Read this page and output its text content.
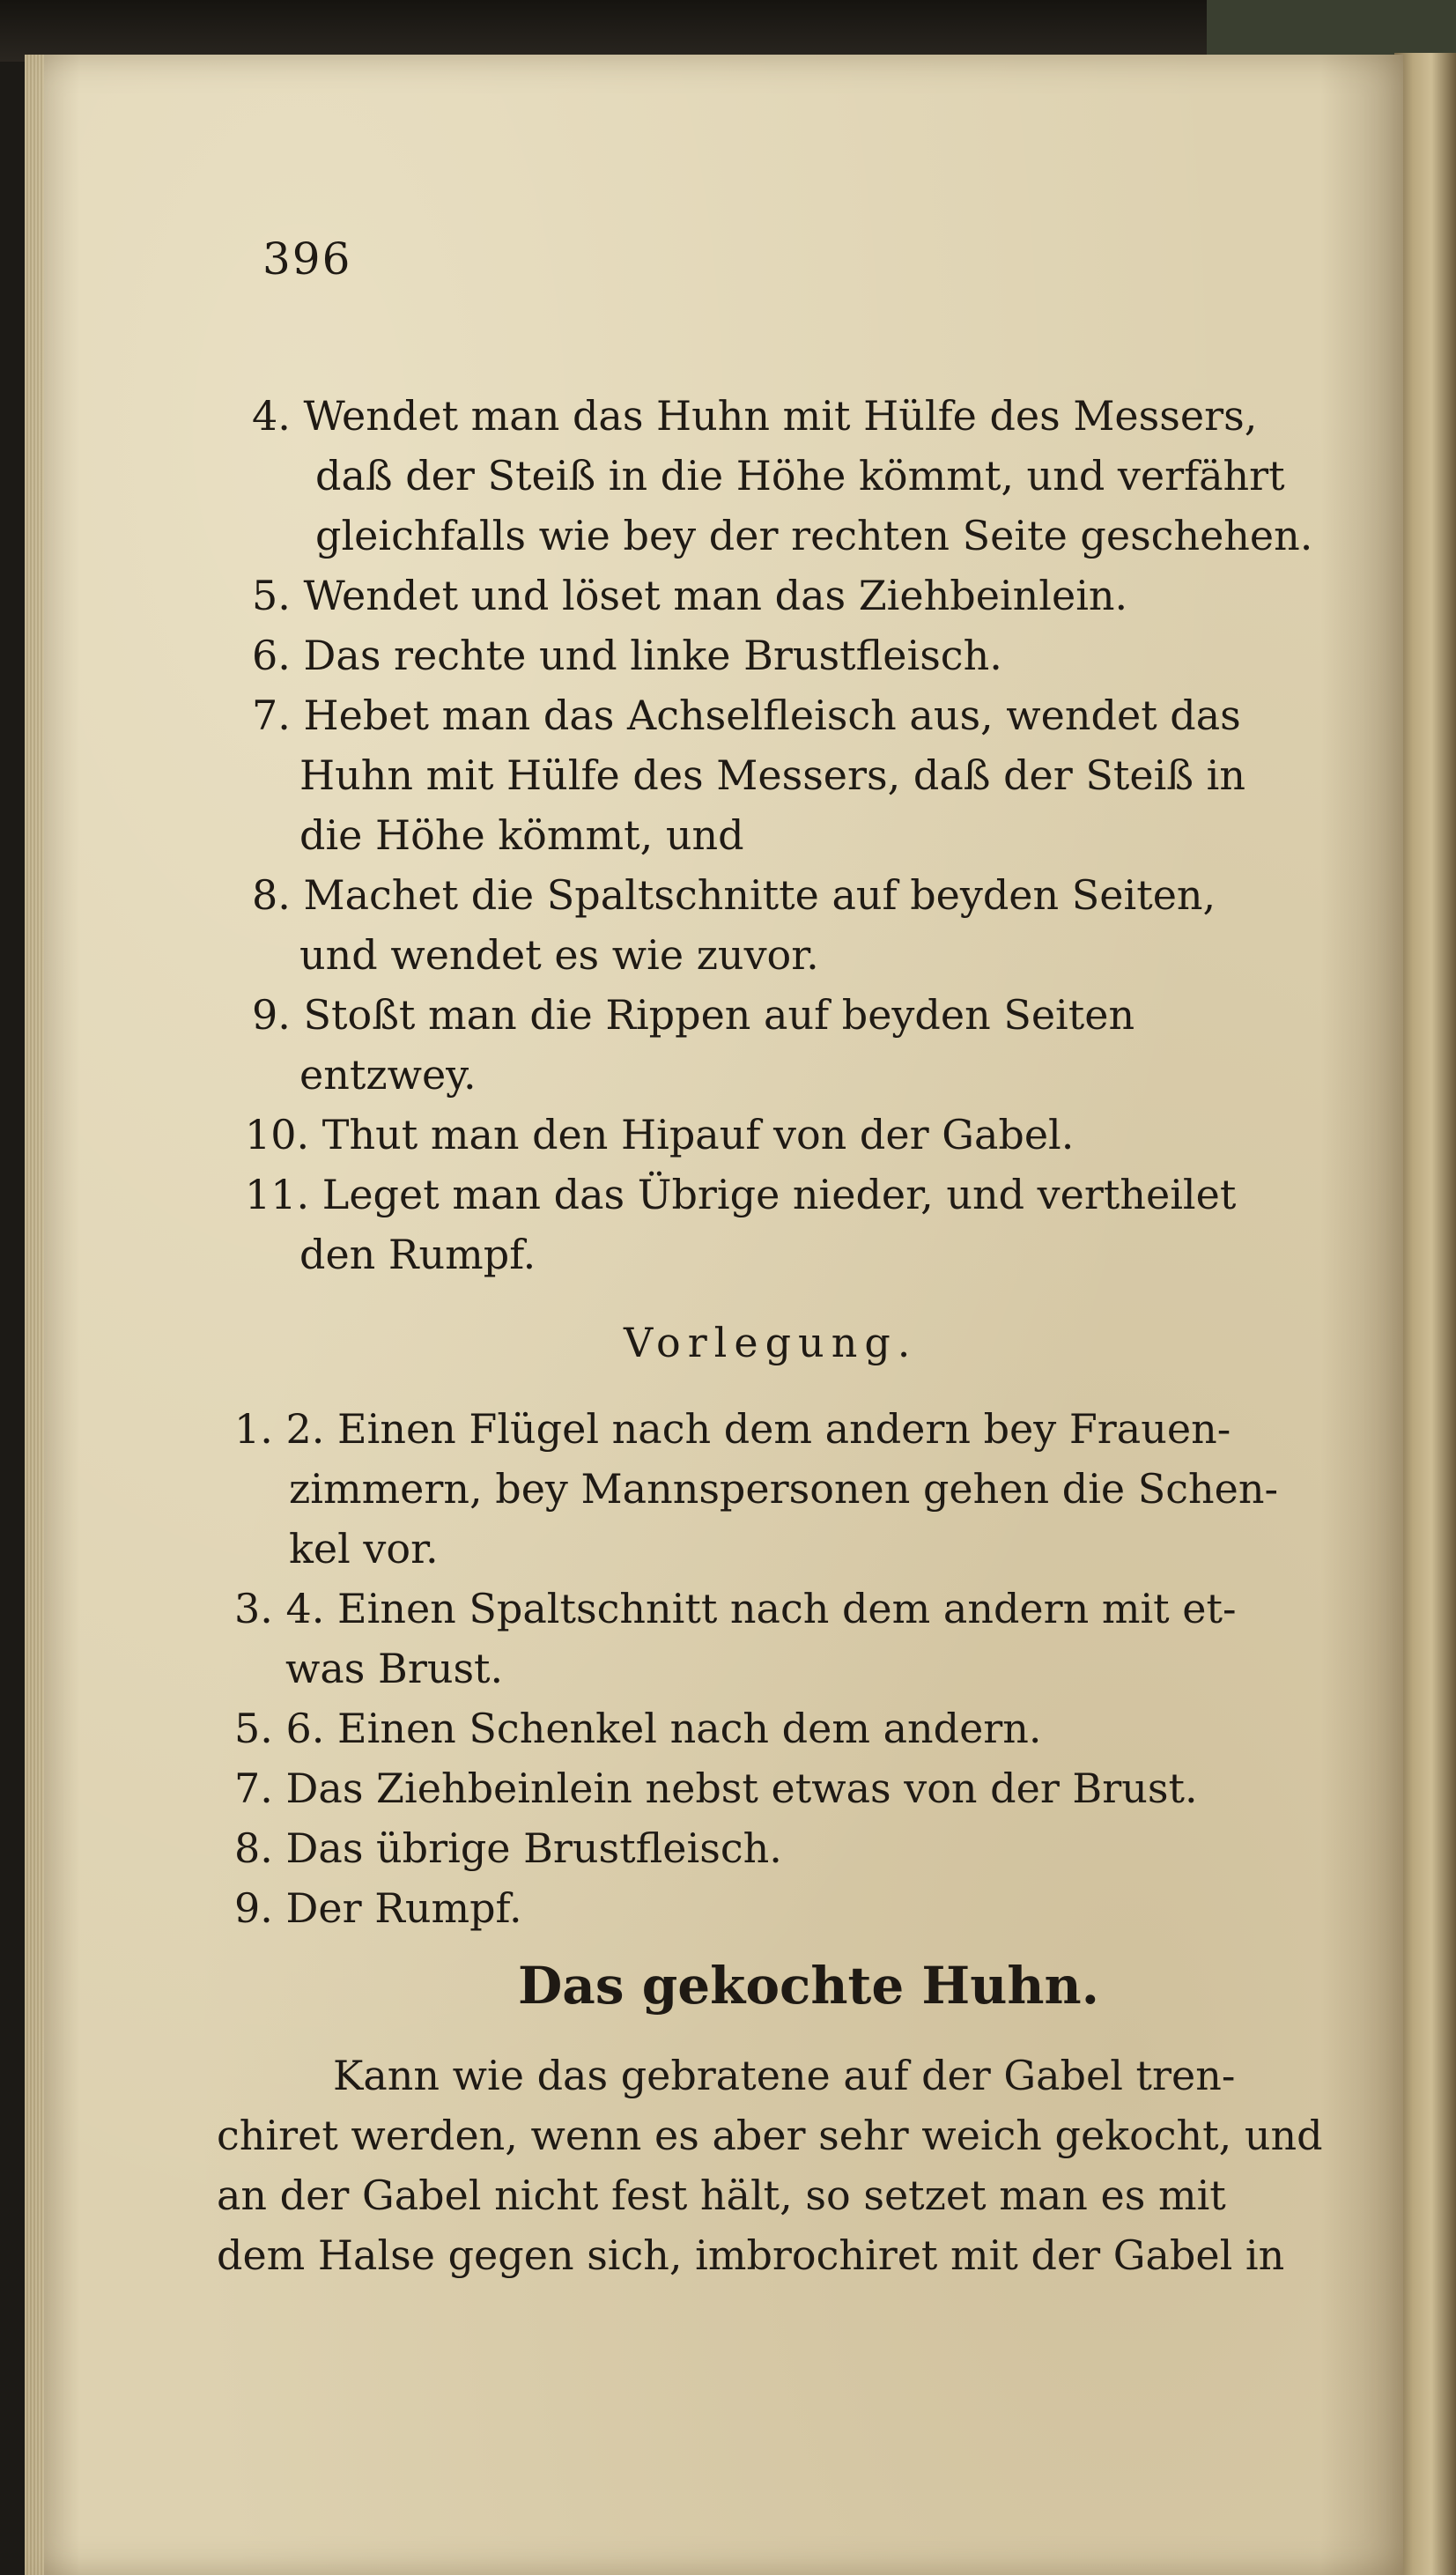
396
4. Wendet man das Huhn mit Hülfe des Messers,
daß der Steiß in die Höhe kömmt, und verfährt
gleichfalls wie bey der rechten Seite geschehen.
5. Wendet und löset man das Ziehbeinlein.
6. Das rechte und linke Brustfleisch.
7. Hebet man das Achselfleisch aus, wendet das
Huhn mit Hülfe des Messers, daß der Steiß in
die Höhe kömmt, und
8. Machet die Spaltschnitte auf beyden Seiten,
und wendet es wie zuvor.
9. Stoßt man die Rippen auf beyden Seiten
entzwey.
10. Thut man den Hipauf von der Gabel.
11. Leget man das Übrige nieder, und vertheilet
den Rumpf.
Vorlegung.
1. 2. Einen Flügel nach dem andern bey Frauen-
zimmern, bey Mannspersonen gehen die Schen-
kel vor.
3. 4. Einen Spaltschnitt nach dem andern mit et-
was Brust.
5. 6. Einen Schenkel nach dem andern.
7. Das Ziehbeinlein nebst etwas von der Brust.
8. Das übrige Brustfleisch.
9. Der Rumpf.
Das gekochte Huhn.
Kann wie das gebratene auf der Gabel tren-
chiret werden, wenn es aber sehr weich gekocht, und
an der Gabel nicht fest hält, so setzet man es mit
dem Halse gegen sich, imbrochiret mit der Gabel in
